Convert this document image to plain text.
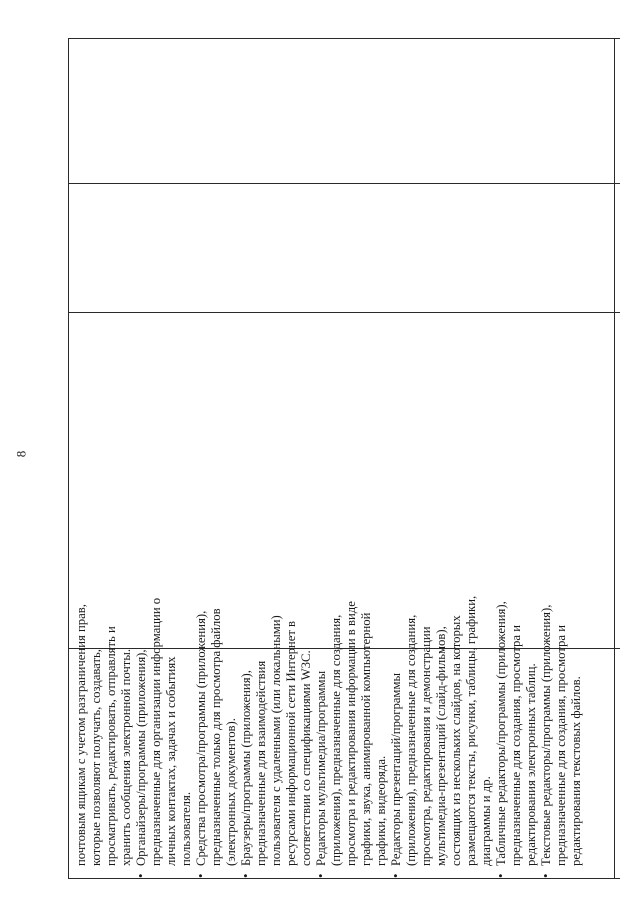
8
почтовым ящикам с учетом разграничения прав, которые позволяют получать, создавать, просматривать, редактировать, отправлять и хранить сообщения электронной почты.
•
Органайзеры/программы (приложения), предназначенные для организации информации о личных контактах, задачах и событиях пользователя.
•
Средства просмотра/программы (приложения), предназначенные только для просмотра файлов (электронных документов).
•
Браузеры/программы (приложения), предназначенные для взаимодействия пользователя с удаленными (или локальными) ресурсами информационной сети Интернет в соответствии со спецификациями W3C.
•
Редакторы мультимедиа/программы (приложения), предназначенные для создания, просмотра и редактирования информации в виде графики, звука, анимированной компьютерной графики, видеоряда.
•
Редакторы презентаций/программы (приложения), предназначенные для создания, просмотра, редактирования и демонстрации мультимедиа-презентаций (слайд-фильмов), состоящих из нескольких слайдов, на которых размещаются тексты, рисунки, таблицы, графики, диаграммы и др.
•
Табличные редакторы/программы (приложения), предназначенные для создания, просмотра и редактирования электронных таблиц.
•
Текстовые редакторы/программы (приложения), предназначенные для создания, просмотра и редактирования текстовых файлов.
